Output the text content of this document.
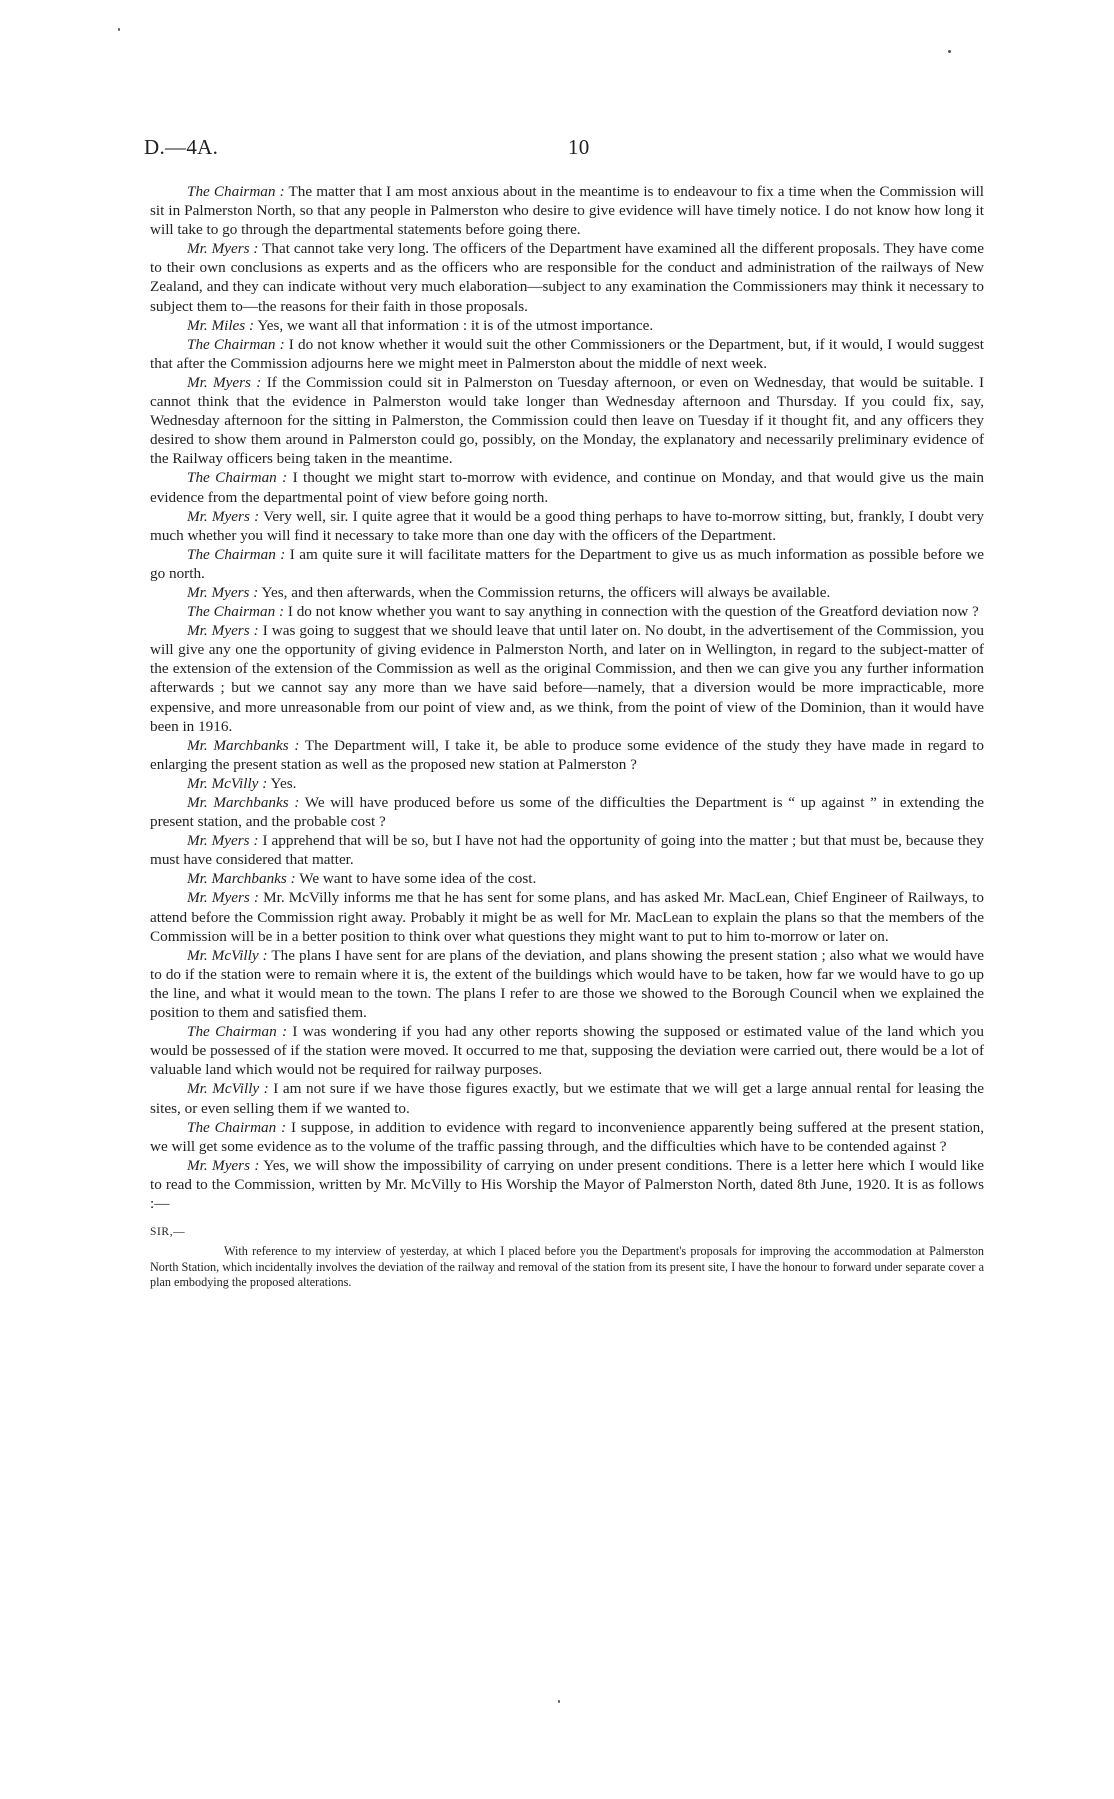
D.—4A.	10

The Chairman : The matter that I am most anxious about in the meantime is to endeavour to fix a time when the Commission will sit in Palmerston North, so that any people in Palmerston who desire to give evidence will have timely notice. I do not know how long it will take to go through the departmental statements before going there.

Mr. Myers : That cannot take very long. The officers of the Department have examined all the different proposals. They have come to their own conclusions as experts and as the officers who are responsible for the conduct and administration of the railways of New Zealand, and they can indicate without very much elaboration—subject to any examination the Commissioners may think it necessary to subject them to—the reasons for their faith in those proposals.

Mr. Miles : Yes, we want all that information : it is of the utmost importance.

The Chairman : I do not know whether it would suit the other Commissioners or the Department, but, if it would, I would suggest that after the Commission adjourns here we might meet in Palmerston about the middle of next week.

Mr. Myers : If the Commission could sit in Palmerston on Tuesday afternoon, or even on Wednesday, that would be suitable. I cannot think that the evidence in Palmerston would take longer than Wednesday afternoon and Thursday. If you could fix, say, Wednesday afternoon for the sitting in Palmerston, the Commission could then leave on Tuesday if it thought fit, and any officers they desired to show them around in Palmerston could go, possibly, on the Monday, the explanatory and necessarily preliminary evidence of the Railway officers being taken in the meantime.

The Chairman : I thought we might start to-morrow with evidence, and continue on Monday, and that would give us the main evidence from the departmental point of view before going north.

Mr. Myers : Very well, sir. I quite agree that it would be a good thing perhaps to have to-morrow sitting, but, frankly, I doubt very much whether you will find it necessary to take more than one day with the officers of the Department.

The Chairman : I am quite sure it will facilitate matters for the Department to give us as much information as possible before we go north.

Mr. Myers : Yes, and then afterwards, when the Commission returns, the officers will always be available.

The Chairman : I do not know whether you want to say anything in connection with the question of the Greatford deviation now ?

Mr. Myers : I was going to suggest that we should leave that until later on. No doubt, in the advertisement of the Commission, you will give any one the opportunity of giving evidence in Palmerston North, and later on in Wellington, in regard to the subject-matter of the extension of the extension of the Commission as well as the original Commission, and then we can give you any further information afterwards ; but we cannot say any more than we have said before—namely, that a diversion would be more impracticable, more expensive, and more unreasonable from our point of view and, as we think, from the point of view of the Dominion, than it would have been in 1916.

Mr. Marchbanks : The Department will, I take it, be able to produce some evidence of the study they have made in regard to enlarging the present station as well as the proposed new station at Palmerston ?

Mr. McVilly : Yes.

Mr. Marchbanks : We will have produced before us some of the difficulties the Department is “ up against ” in extending the present station, and the probable cost ?

Mr. Myers : I apprehend that will be so, but I have not had the opportunity of going into the matter ; but that must be, because they must have considered that matter.

Mr. Marchbanks : We want to have some idea of the cost.

Mr. Myers : Mr. McVilly informs me that he has sent for some plans, and has asked Mr. MacLean, Chief Engineer of Railways, to attend before the Commission right away. Probably it might be as well for Mr. MacLean to explain the plans so that the members of the Commission will be in a better position to think over what questions they might want to put to him to-morrow or later on.

Mr. McVilly : The plans I have sent for are plans of the deviation, and plans showing the present station ; also what we would have to do if the station were to remain where it is, the extent of the buildings which would have to be taken, how far we would have to go up the line, and what it would mean to the town. The plans I refer to are those we showed to the Borough Council when we explained the position to them and satisfied them.

The Chairman : I was wondering if you had any other reports showing the supposed or estimated value of the land which you would be possessed of if the station were moved. It occurred to me that, supposing the deviation were carried out, there would be a lot of valuable land which would not be required for railway purposes.

Mr. McVilly : I am not sure if we have those figures exactly, but we estimate that we will get a large annual rental for leasing the sites, or even selling them if we wanted to.

The Chairman : I suppose, in addition to evidence with regard to inconvenience apparently being suffered at the present station, we will get some evidence as to the volume of the traffic passing through, and the difficulties which have to be contended against ?

Mr. Myers : Yes, we will show the impossibility of carrying on under present conditions. There is a letter here which I would like to read to the Commission, written by Mr. McVilly to His Worship the Mayor of Palmerston North, dated 8th June, 1920. It is as follows :—

SIR,—

With reference to my interview of yesterday, at which I placed before you the Department's proposals for improving the accommodation at Palmerston North Station, which incidentally involves the deviation of the railway and removal of the station from its present site, I have the honour to forward under separate cover a plan embodying the proposed alterations.
